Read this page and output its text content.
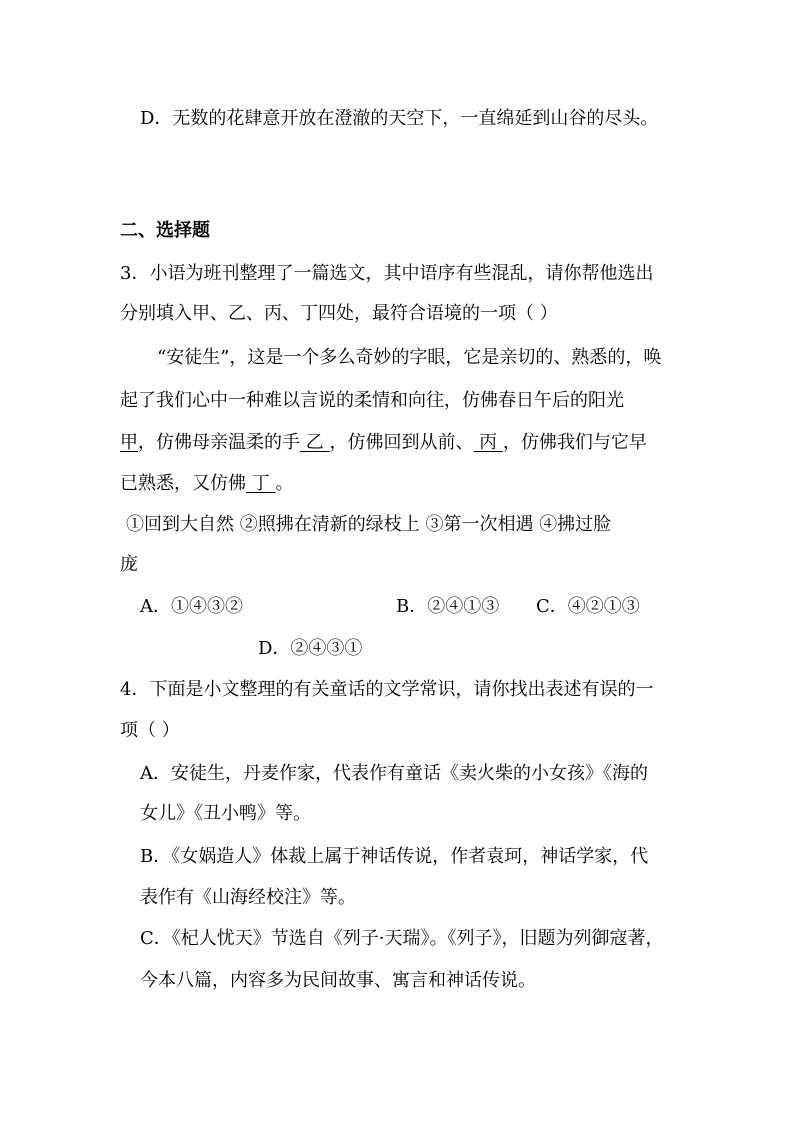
D．无数的花肆意开放在澄澈的天空下，一直绵延到山谷的尽头。
二、选择题
3．小语为班刊整理了一篇选文，其中语序有些混乱，请你帮他选出
分别填入甲、乙、丙、丁四处，最符合语境的一项（ ）
“安徒生”，这是一个多么奇妙的字眼，它是亲切的、熟悉的，唤
起了我们心中一种难以言说的柔情和向往，仿佛春日午后的阳光
甲，仿佛母亲温柔的手 乙 ，仿佛回到从前、 丙 ，仿佛我们与它早
已熟悉，又仿佛 丁 。
①回到大自然 ②照拂在清新的绿枝上 ③第一次相遇 ④拂过脸
庞
A．①④③②	B．②④①③ C．④②①③
D．②④③①
4．下面是小文整理的有关童话的文学常识，请你找出表述有误的一
项（ ）
A．安徒生，丹麦作家，代表作有童话《卖火柴的小女孩》《海的
女儿》《丑小鸭》等。
B．《女娲造人》体裁上属于神话传说，作者袁珂，神话学家，代
表作有《山海经校注》等。
C．《杞人忧天》节选自《列子·天瑞》。《列子》，旧题为列御寇著，
今本八篇，内容多为民间故事、寓言和神话传说。
